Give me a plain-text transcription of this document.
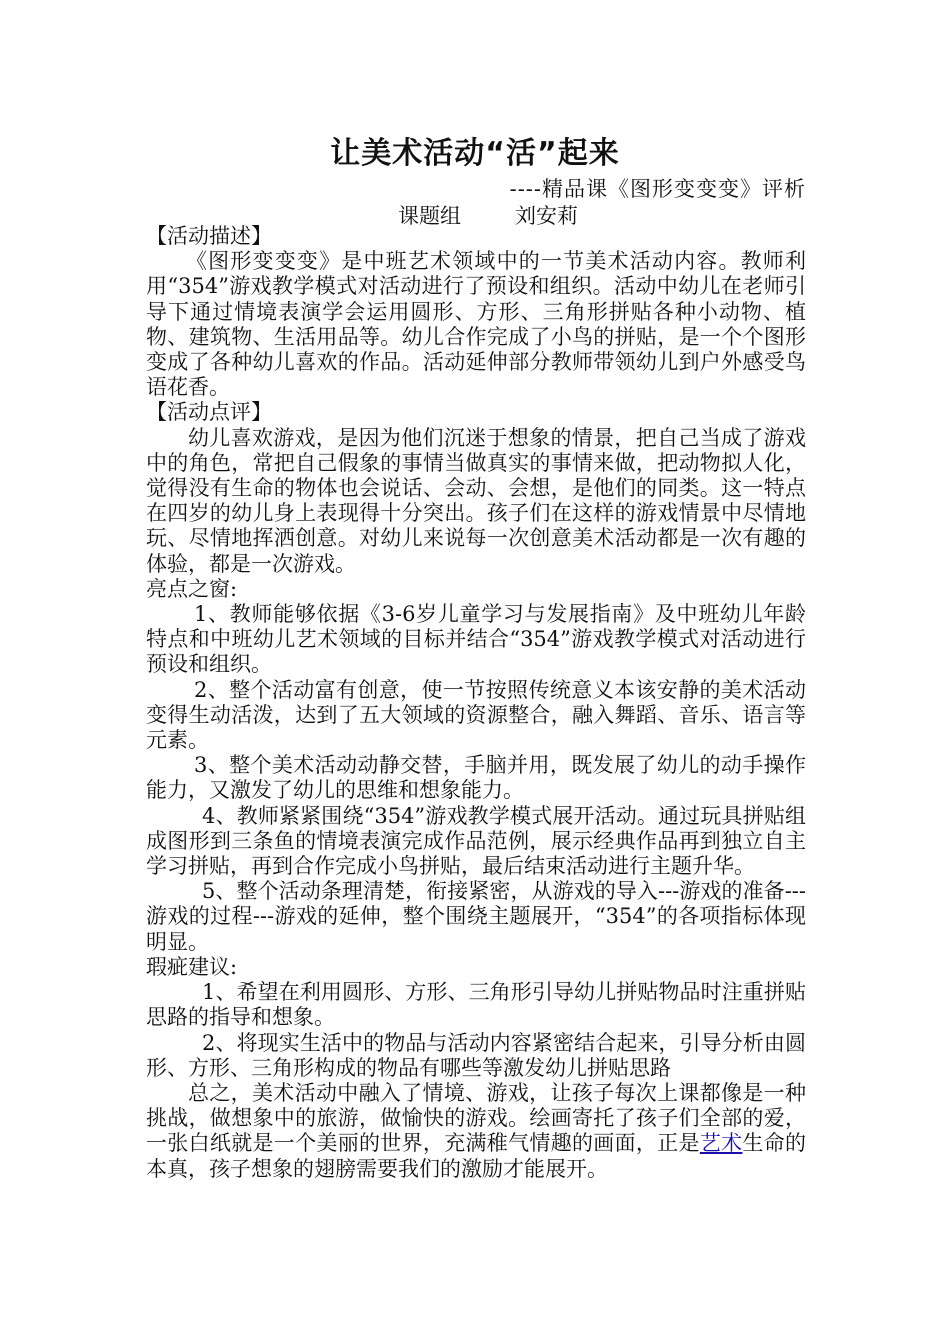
让美术活动“活”起来
----精品课《图形变变变》评析
课题组	刘安莉

【活动描述】

《图形变变变》是中班艺术领域中的一节美术活动内容。教师利用“354”游戏教学模式对活动进行了预设和组织。活动中幼儿在老师引导下通过情境表演学会运用圆形、方形、三角形拼贴各种小动物、植物、建筑物、生活用品等。幼儿合作完成了小鸟的拼贴，是一个个图形变成了各种幼儿喜欢的作品。活动延伸部分教师带领幼儿到户外感受鸟语花香。

【活动点评】

幼儿喜欢游戏，是因为他们沉迷于想象的情景，把自己当成了游戏中的角色，常把自己假象的事情当做真实的事情来做，把动物拟人化，觉得没有生命的物体也会说话、会动、会想，是他们的同类。这一特点在四岁的幼儿身上表现得十分突出。孩子们在这样的游戏情景中尽情地玩、尽情地挥洒创意。对幼儿来说每一次创意美术活动都是一次有趣的体验，都是一次游戏。

亮点之窗:

1、教师能够依据《3-6岁儿童学习与发展指南》及中班幼儿年龄特点和中班幼儿艺术领域的目标并结合“354”游戏教学模式对活动进行预设和组织。

2、整个活动富有创意，使一节按照传统意义本该安静的美术活动变得生动活泼，达到了五大领域的资源整合，融入舞蹈、音乐、语言等元素。

3、整个美术活动动静交替，手脑并用，既发展了幼儿的动手操作能力，又激发了幼儿的思维和想象能力。

4、教师紧紧围绕“354”游戏教学模式展开活动。通过玩具拼贴组成图形到三条鱼的情境表演完成作品范例，展示经典作品再到独立自主学习拼贴，再到合作完成小鸟拼贴，最后结束活动进行主题升华。

5、整个活动条理清楚，衔接紧密，从游戏的导入---游戏的准备---游戏的过程---游戏的延伸，整个围绕主题展开，“354”的各项指标体现明显。

瑕疵建议:

1、希望在利用圆形、方形、三角形引导幼儿拼贴物品时注重拼贴思路的指导和想象。

2、将现实生活中的物品与活动内容紧密结合起来，引导分析由圆形、方形、三角形构成的物品有哪些等激发幼儿拼贴思路

总之，美术活动中融入了情境、游戏，让孩子每次上课都像是一种挑战，做想象中的旅游，做愉快的游戏。绘画寄托了孩子们全部的爱，一张白纸就是一个美丽的世界，充满稚气情趣的画面，正是艺术生命的本真，孩子想象的翅膀需要我们的激励才能展开。
